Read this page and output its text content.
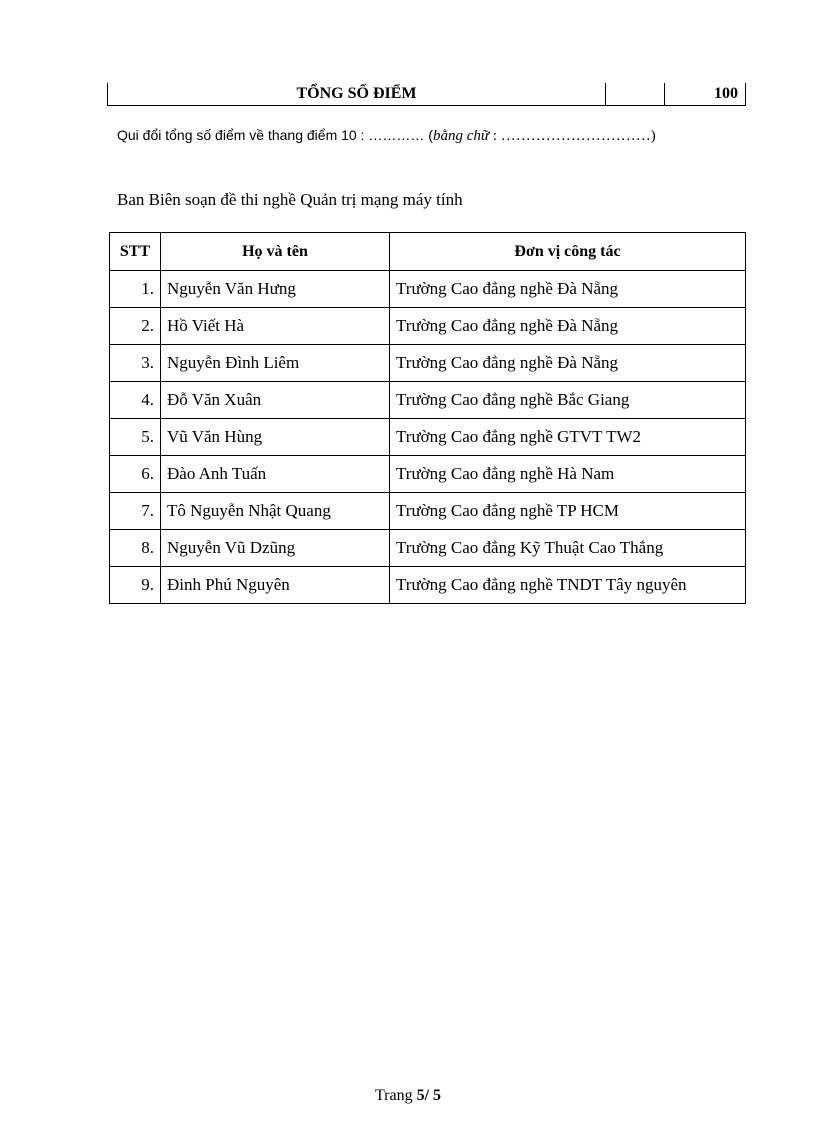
TỔNG SỐ ĐIỂM	100
Qui đổi tổng số điểm về thang điểm 10 : ………… (bằng chữ : …………………………)
Ban Biên soạn đề thi nghề Quản trị mạng máy tính
STT	Họ và tên	Đơn vị công tác
1.	Nguyễn Văn Hưng	Trường Cao đẳng nghề Đà Nẵng
2.	Hồ Viết Hà	Trường Cao đẳng nghề Đà Nẵng
3.	Nguyễn Đình Liêm	Trường Cao đẳng nghề Đà Nẵng
4.	Đỗ Văn Xuân	Trường Cao đẳng nghề Bắc Giang
5.	Vũ Văn Hùng	Trường Cao đẳng nghề GTVT TW2
6.	Đào Anh Tuấn	Trường Cao đẳng nghề Hà Nam
7.	Tô Nguyễn Nhật Quang	Trường Cao đẳng nghề TP HCM
8.	Nguyễn Vũ Dzũng	Trường Cao đẳng Kỹ Thuật Cao Thắng
9.	Đinh Phú Nguyên	Trường Cao đẳng nghề TNDT Tây nguyên
Trang 5/ 5
